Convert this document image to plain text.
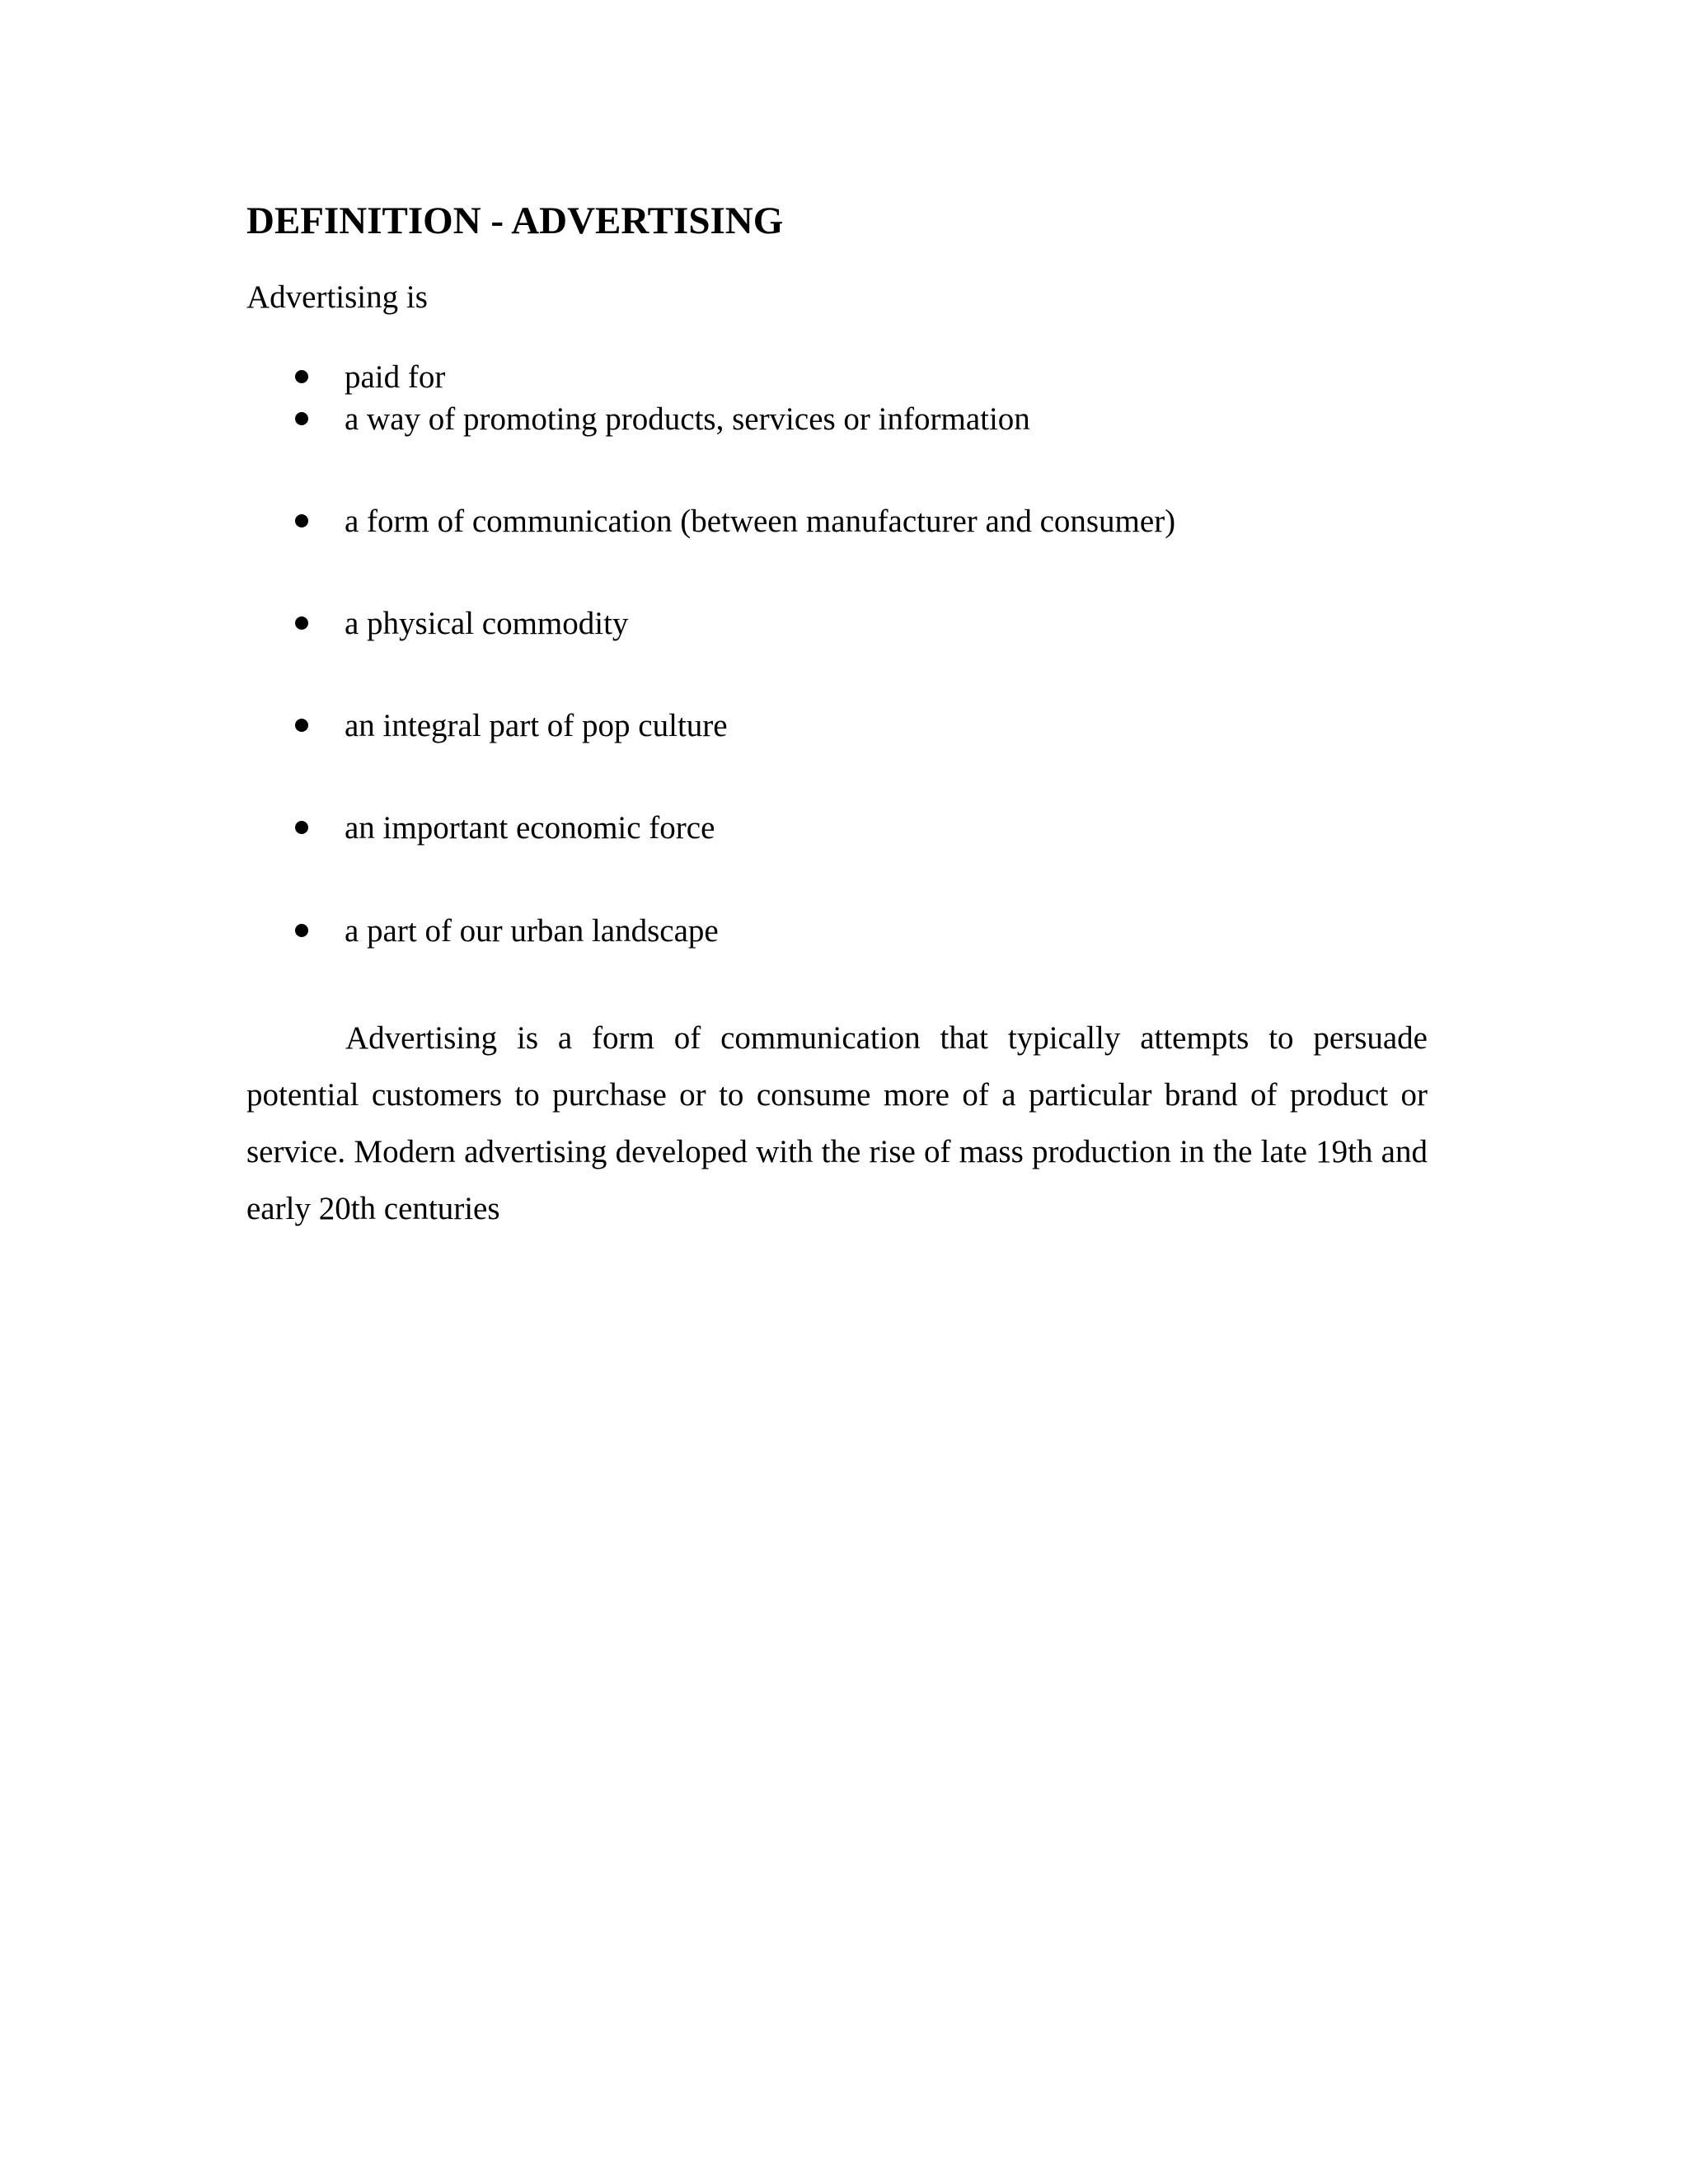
DEFINITION - ADVERTISING

Advertising is

paid for
a way of promoting products, services or information
a form of communication (between manufacturer and consumer)
a physical commodity
an integral part of pop culture
an important economic force
a part of our urban landscape

Advertising is a form of communication that typically attempts to persuade potential customers to purchase or to consume more of a particular brand of product or service. Modern advertising developed with the rise of mass production in the late 19th and early 20th centuries
